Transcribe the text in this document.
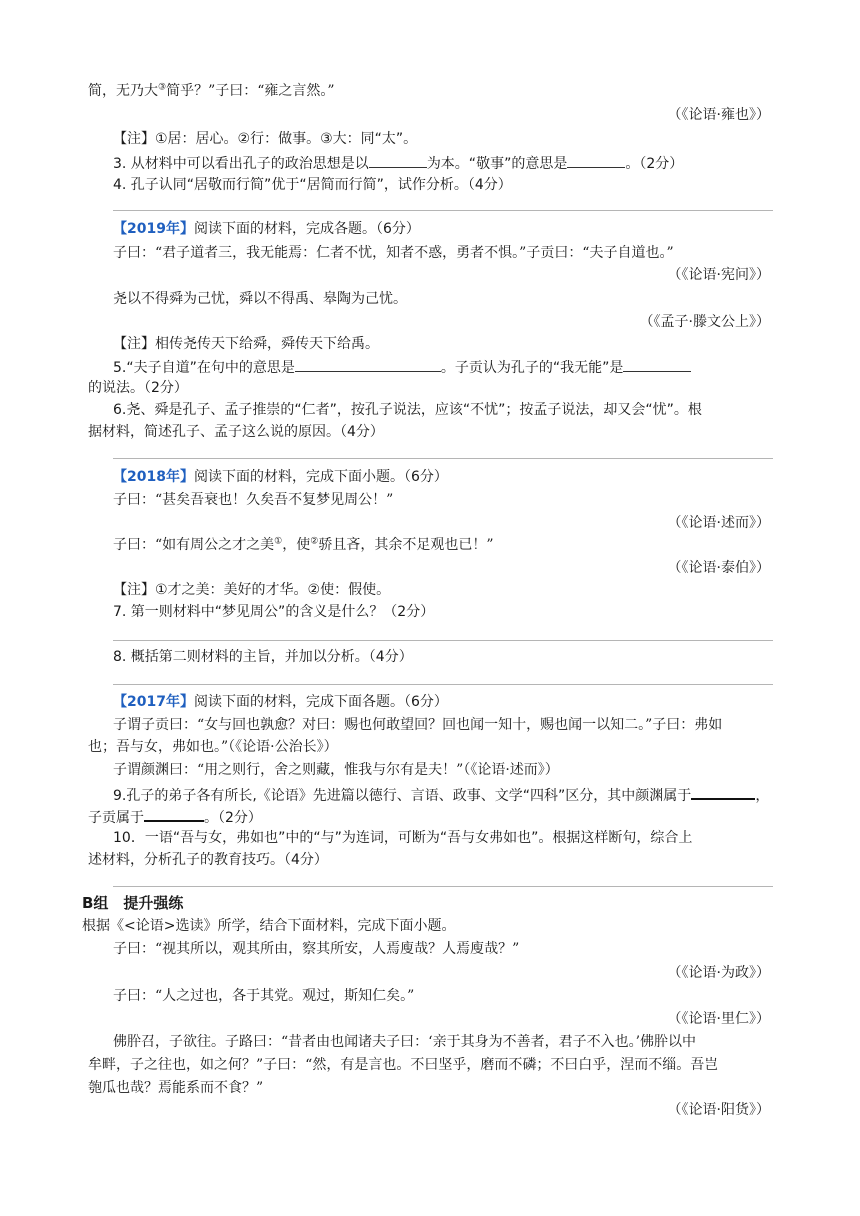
简，无乃大③简乎？”子曰：“雍之言然。”
（《论语·雍也》）
【注】①居：居心。②行：做事。③大：同“太”。
3. 从材料中可以看出孔子的政治思想是以	为本。“敬事”的意思是	。（2分）
4. 孔子认同“居敬而行简”优于“居简而行简”，试作分析。（4分）
【2019年】阅读下面的材料，完成各题。（6分）
子曰：“君子道者三，我无能焉：仁者不忧，知者不惑，勇者不惧。”子贡曰：“夫子自道也。”
（《论语·宪问》）
尧以不得舜为己忧，舜以不得禹、皋陶为己忧。
（《孟子·滕文公上》）
【注】相传尧传天下给舜，舜传天下给禹。
5.“夫子自道”在句中的意思是	。子贡认为孔子的“我无能”是
的说法。（2分）
6.尧、舜是孔子、孟子推崇的“仁者”，按孔子说法，应该“不忧”；按孟子说法，却又会“忧”。根
据材料，简述孔子、孟子这么说的原因。（4分）
【2018年】阅读下面的材料，完成下面小题。（6分）
子曰：“甚矣吾衰也！久矣吾不复梦见周公！”
（《论语·述而》）
子曰：“如有周公之才之美①，使②骄且吝，其余不足观也已！”
（《论语·泰伯》）
【注】①才之美：美好的才华。②使：假使。
7. 第一则材料中“梦见周公”的含义是什么？（2分）
8. 概括第二则材料的主旨，并加以分析。（4分）
【2017年】阅读下面的材料，完成下面各题。（6分）
子谓子贡曰：“女与回也孰愈？对曰：赐也何敢望回？回也闻一知十，赐也闻一以知二。”子曰：弗如
也；吾与女，弗如也。”（《论语·公治长》）
子谓颜渊曰：“用之则行，舍之则藏，惟我与尔有是夫！”（《论语·述而》）
9.孔子的弟子各有所长,《论语》先进篇以德行、言语、政事、文学“四科”区分，其中颜渊属于	，
子贡属于	。（2分）
10．一语“吾与女，弗如也”中的“与”为连词，可断为“吾与女弗如也”。根据这样断句，综合上
述材料，分析孔子的教育技巧。（4分）
B组　提升强练
根据《<论语>选读》所学，结合下面材料，完成下面小题。
子曰：“视其所以，观其所由，察其所安，人焉廋哉？人焉廋哉？”
（《论语·为政》）
子曰：“人之过也，各于其党。观过，斯知仁矣。”
（《论语·里仁》）
佛肸召，子欲往。子路曰：“昔者由也闻诸夫子曰：‘亲于其身为不善者，君子不入也。’佛肸以中
牟畔，子之往也，如之何？”子曰：“然，有是言也。不曰坚乎，磨而不磷；不曰白乎，涅而不缁。吾岂
匏瓜也哉？焉能系而不食？”
（《论语·阳货》）
